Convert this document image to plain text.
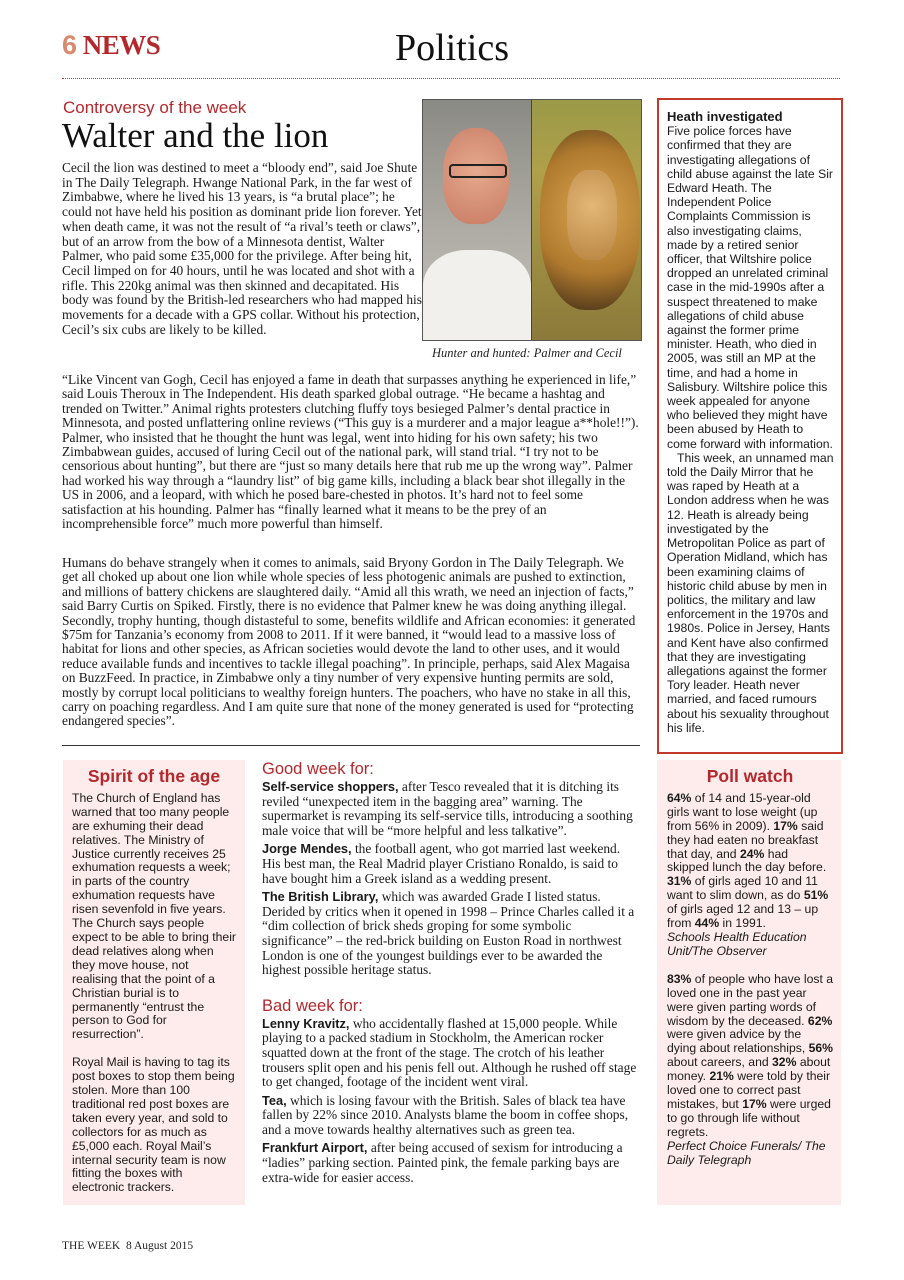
6 NEWS	Politics
Controversy of the week
Walter and the lion
Cecil the lion was destined to meet a “bloody end”, said Joe Shute in The Daily Telegraph. Hwange National Park, in the far west of Zimbabwe, where he lived his 13 years, is “a brutal place”; he could not have held his position as dominant pride lion forever. Yet when death came, it was not the result of “a rival’s teeth or claws”, but of an arrow from the bow of a Minnesota dentist, Walter Palmer, who paid some £35,000 for the privilege. After being hit, Cecil limped on for 40 hours, until he was located and shot with a rifle. This 220kg animal was then skinned and decapitated. His body was found by the British-led researchers who had mapped his movements for a decade with a GPS collar. Without his protection, Cecil’s six cubs are likely to be killed.
Hunter and hunted: Palmer and Cecil
“Like Vincent van Gogh, Cecil has enjoyed a fame in death that surpasses anything he experienced in life,” said Louis Theroux in The Independent. His death sparked global outrage. “He became a hashtag and trended on Twitter.” Animal rights protesters clutching fluffy toys besieged Palmer’s dental practice in Minnesota, and posted unflattering online reviews (“This guy is a murderer and a major league a**hole!!”). Palmer, who insisted that he thought the hunt was legal, went into hiding for his own safety; his two Zimbabwean guides, accused of luring Cecil out of the national park, will stand trial. “I try not to be censorious about hunting”, but there are “just so many details here that rub me up the wrong way”. Palmer had worked his way through a “laundry list” of big game kills, including a black bear shot illegally in the US in 2006, and a leopard, with which he posed bare-chested in photos. It’s hard not to feel some satisfaction at his hounding. Palmer has “finally learned what it means to be the prey of an incomprehensible force” much more powerful than himself.
Humans do behave strangely when it comes to animals, said Bryony Gordon in The Daily Telegraph. We get all choked up about one lion while whole species of less photogenic animals are pushed to extinction, and millions of battery chickens are slaughtered daily. “Amid all this wrath, we need an injection of facts,” said Barry Curtis on Spiked. Firstly, there is no evidence that Palmer knew he was doing anything illegal. Secondly, trophy hunting, though distasteful to some, benefits wildlife and African economies: it generated $75m for Tanzania’s economy from 2008 to 2011. If it were banned, it “would lead to a massive loss of habitat for lions and other species, as African societies would devote the land to other uses, and it would reduce available funds and incentives to tackle illegal poaching”. In principle, perhaps, said Alex Magaisa on BuzzFeed. In practice, in Zimbabwe only a tiny number of very expensive hunting permits are sold, mostly by corrupt local politicians to wealthy foreign hunters. The poachers, who have no stake in all this, carry on poaching regardless. And I am quite sure that none of the money generated is used for “protecting endangered species”.
Heath investigated
Five police forces have confirmed that they are investigating allegations of child abuse against the late Sir Edward Heath. The Independent Police Complaints Commission is also investigating claims, made by a retired senior officer, that Wiltshire police dropped an unrelated criminal case in the mid-1990s after a suspect threatened to make allegations of child abuse against the former prime minister. Heath, who died in 2005, was still an MP at the time, and had a home in Salisbury. Wiltshire police this week appealed for anyone who believed they might have been abused by Heath to come forward with information.
This week, an unnamed man told the Daily Mirror that he was raped by Heath at a London address when he was 12. Heath is already being investigated by the Metropolitan Police as part of Operation Midland, which has been examining claims of historic child abuse by men in politics, the military and law enforcement in the 1970s and 1980s. Police in Jersey, Hants and Kent have also confirmed that they are investigating allegations against the former Tory leader. Heath never married, and faced rumours about his sexuality throughout his life.
Spirit of the age

The Church of England has warned that too many people are exhuming their dead relatives. The Ministry of Justice currently receives 25 exhumation requests a week; in parts of the country exhumation requests have risen sevenfold in five years. The Church says people expect to be able to bring their dead relatives along when they move house, not realising that the point of a Christian burial is to permanently “entrust the person to God for resurrection”.

Royal Mail is having to tag its post boxes to stop them being stolen. More than 100 traditional red post boxes are taken every year, and sold to collectors for as much as £5,000 each. Royal Mail’s internal security team is now fitting the boxes with electronic trackers.

Good week for:
Self-service shoppers, after Tesco revealed that it is ditching its reviled “unexpected item in the bagging area” warning. The supermarket is revamping its self-service tills, introducing a soothing male voice that will be “more helpful and less talkative”.
Jorge Mendes, the football agent, who got married last weekend. His best man, the Real Madrid player Cristiano Ronaldo, is said to have bought him a Greek island as a wedding present.
The British Library, which was awarded Grade I listed status. Derided by critics when it opened in 1998 – Prince Charles called it a “dim collection of brick sheds groping for some symbolic significance” – the red-brick building on Euston Road in northwest London is one of the youngest buildings ever to be awarded the highest possible heritage status.
Bad week for:
Lenny Kravitz, who accidentally flashed at 15,000 people. While playing to a packed stadium in Stockholm, the American rocker squatted down at the front of the stage. The crotch of his leather trousers split open and his penis fell out. Although he rushed off stage to get changed, footage of the incident went viral.
Tea, which is losing favour with the British. Sales of black tea have fallen by 22% since 2010. Analysts blame the boom in coffee shops, and a move towards healthy alternatives such as green tea.
Frankfurt Airport, after being accused of sexism for introducing a “ladies” parking section. Painted pink, the female parking bays are extra-wide for easier access.
Poll watch

64% of 14 and 15-year-old girls want to lose weight (up from 56% in 2009). 17% said they had eaten no breakfast that day, and 24% had skipped lunch the day before. 31% of girls aged 10 and 11 want to slim down, as do 51% of girls aged 12 and 13 – up from 44% in 1991.
Schools Health Education Unit/The Observer

83% of people who have lost a loved one in the past year were given parting words of wisdom by the deceased. 62% were given advice by the dying about relationships, 56% about careers, and 32% about money. 21% were told by their loved one to correct past mistakes, but 17% were urged to go through life without regrets.
Perfect Choice Funerals/ The Daily Telegraph

THE WEEK 8 August 2015
